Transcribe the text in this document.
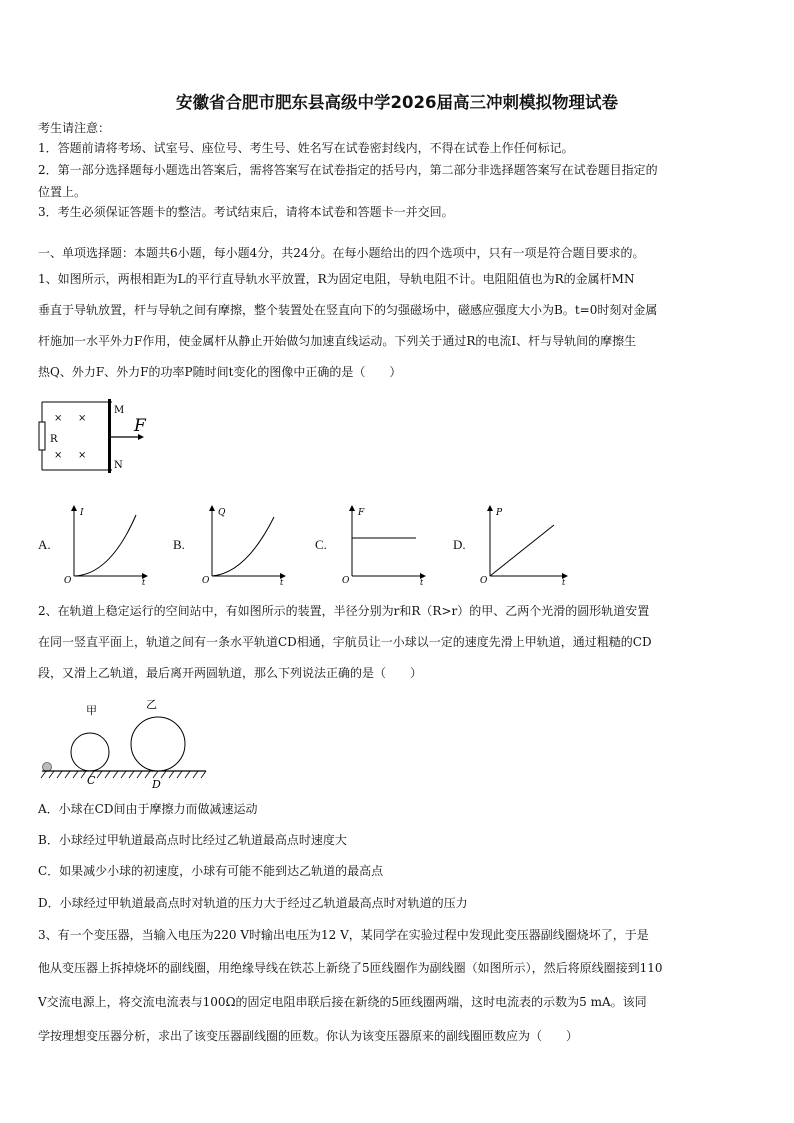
安徽省合肥市肥东县高级中学2026届高三冲刺模拟物理试卷
考生请注意：
1．答题前请将考场、试室号、座位号、考生号、姓名写在试卷密封线内，不得在试卷上作任何标记。
2．第一部分选择题每小题选出答案后，需将答案写在试卷指定的括号内，第二部分非选择题答案写在试卷题目指定的
位置上。
3．考生必须保证答题卡的整洁。考试结束后，请将本试卷和答题卡一并交回。
一、单项选择题：本题共6小题，每小题4分，共24分。在每小题给出的四个选项中，只有一项是符合题目要求的。
1、如图所示，两根相距为L的平行直导轨水平放置，R为固定电阻，导轨电阻不计。电阻阻值也为R的金属杆MN
垂直于导轨放置，杆与导轨之间有摩擦，整个装置处在竖直向下的匀强磁场中，磁感应强度大小为B。t=0时刻对金属
杆施加一水平外力F作用，使金属杆从静止开始做匀加速直线运动。下列关于通过R的电流I、杆与导轨间的摩擦生
热Q、外力F、外力F的功率P随时间t变化的图像中正确的是（　　）
R
× ×
× ×
M
N
F
A.
I
t
O
B.
Q
t
O
C.
F
t
O
D.
P
t
O
2、在轨道上稳定运行的空间站中，有如图所示的装置，半径分别为r和R（R>r）的甲、乙两个光滑的圆形轨道安置
在同一竖直平面上，轨道之间有一条水平轨道CD相通，宇航员让一小球以一定的速度先滑上甲轨道，通过粗糙的CD
段，又滑上乙轨道，最后离开两圆轨道，那么下列说法正确的是（　　）
甲	乙
C	D
A．小球在CD间由于摩擦力而做减速运动
B．小球经过甲轨道最高点时比经过乙轨道最高点时速度大
C．如果减少小球的初速度，小球有可能不能到达乙轨道的最高点
D．小球经过甲轨道最高点时对轨道的压力大于经过乙轨道最高点时对轨道的压力
3、有一个变压器，当输入电压为220 V时输出电压为12 V，某同学在实验过程中发现此变压器副线圈烧坏了，于是
他从变压器上拆掉烧坏的副线圈，用绝缘导线在铁芯上新绕了5匝线圈作为副线圈（如图所示），然后将原线圈接到110
V交流电源上，将交流电流表与100Ω的固定电阻串联后接在新绕的5匝线圈两端，这时电流表的示数为5 mA。该同
学按理想变压器分析，求出了该变压器副线圈的匝数。你认为该变压器原来的副线圈匝数应为（　　）
